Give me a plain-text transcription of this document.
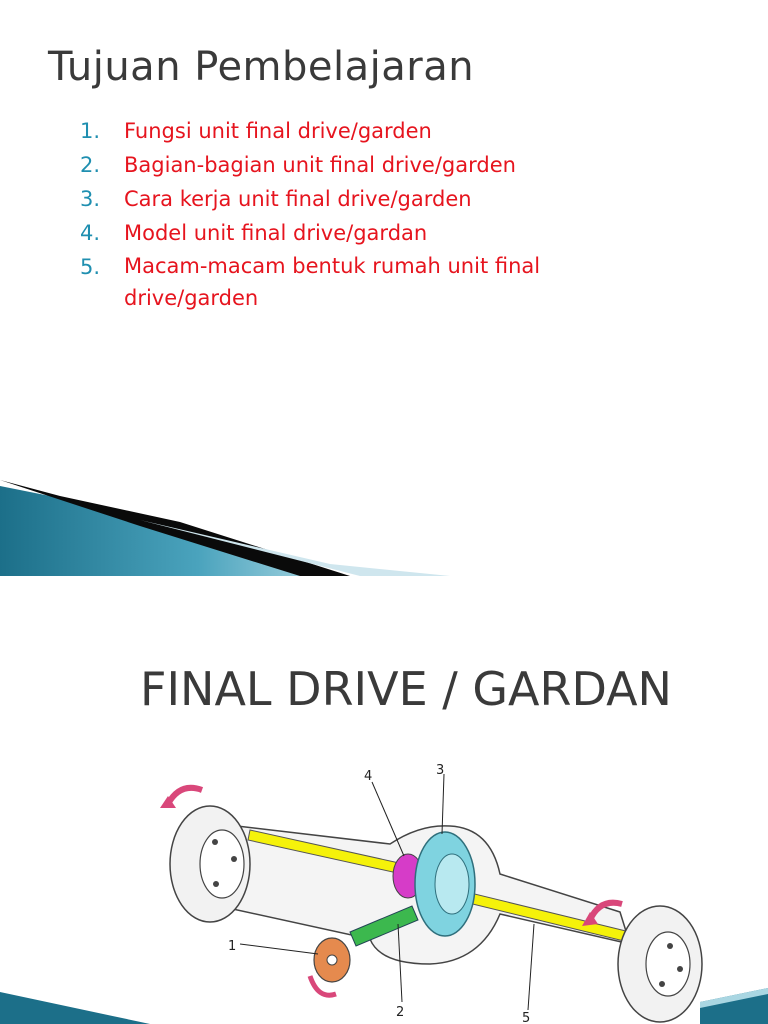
Tujuan Pembelajaran
1.	Fungsi unit final drive/garden
2.	Bagian-bagian unit final drive/garden
3.	Cara kerja unit final drive/garden
4.	Model unit final drive/gardan
5.	Macam-macam bentuk rumah unit final drive/garden
FINAL DRIVE / GARDAN
1
2
3
4
5
